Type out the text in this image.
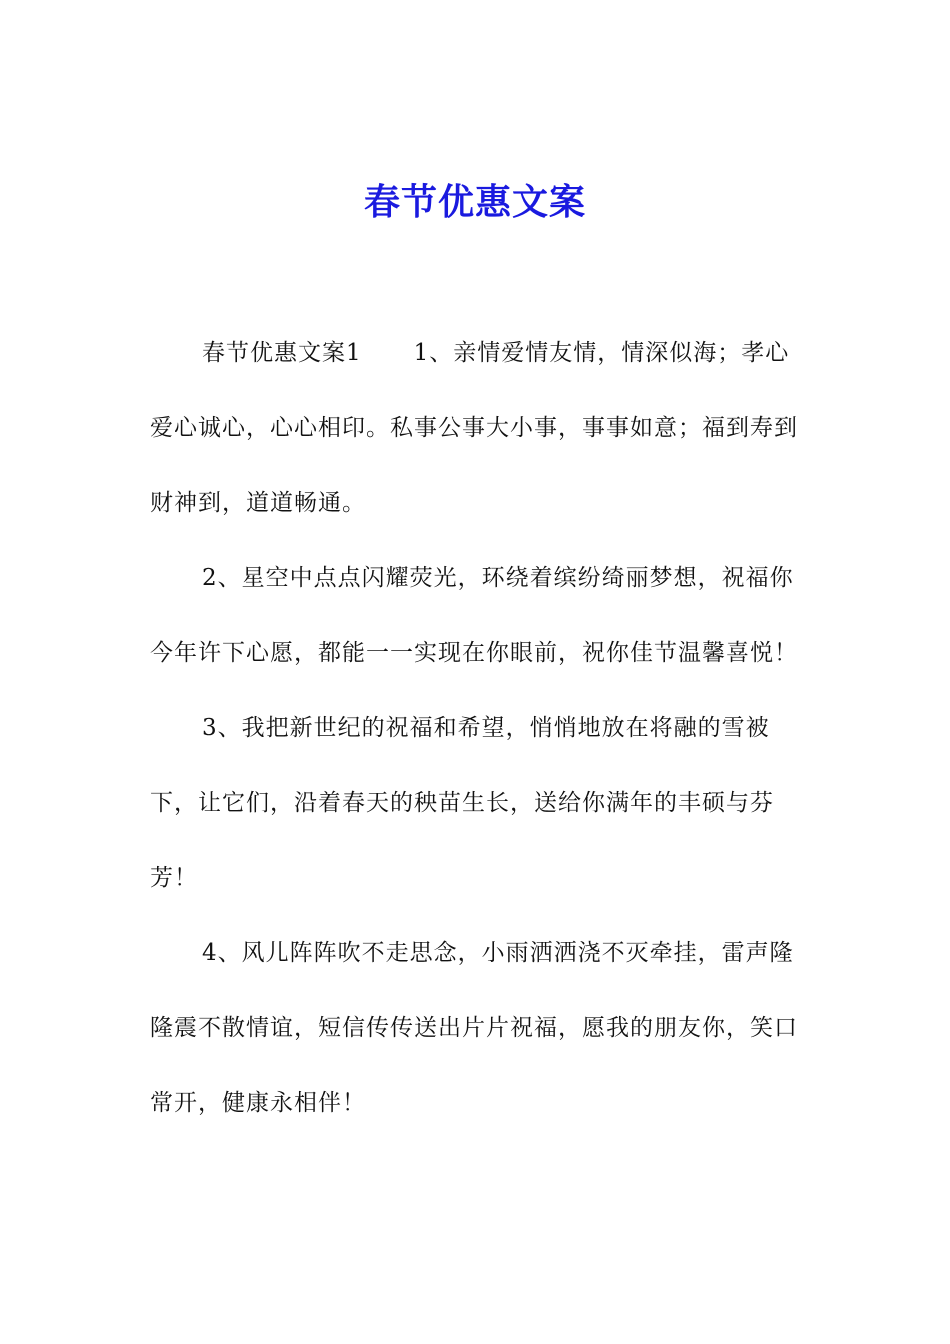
春节优惠文案

春节优惠文案1 1、亲情爱情友情，情深似海；孝心爱心诚心，心心相印。私事公事大小事，事事如意；福到寿到财神到，道道畅通。

2、星空中点点闪耀荧光，环绕着缤纷绮丽梦想，祝福你今年许下心愿，都能一一实现在你眼前，祝你佳节温馨喜悦！

3、我把新世纪的祝福和希望，悄悄地放在将融的雪被下，让它们，沿着春天的秧苗生长，送给你满年的丰硕与芬芳！

4、风儿阵阵吹不走思念，小雨洒洒浇不灭牵挂，雷声隆隆震不散情谊，短信传传送出片片祝福，愿我的朋友你，笑口常开，健康永相伴！
